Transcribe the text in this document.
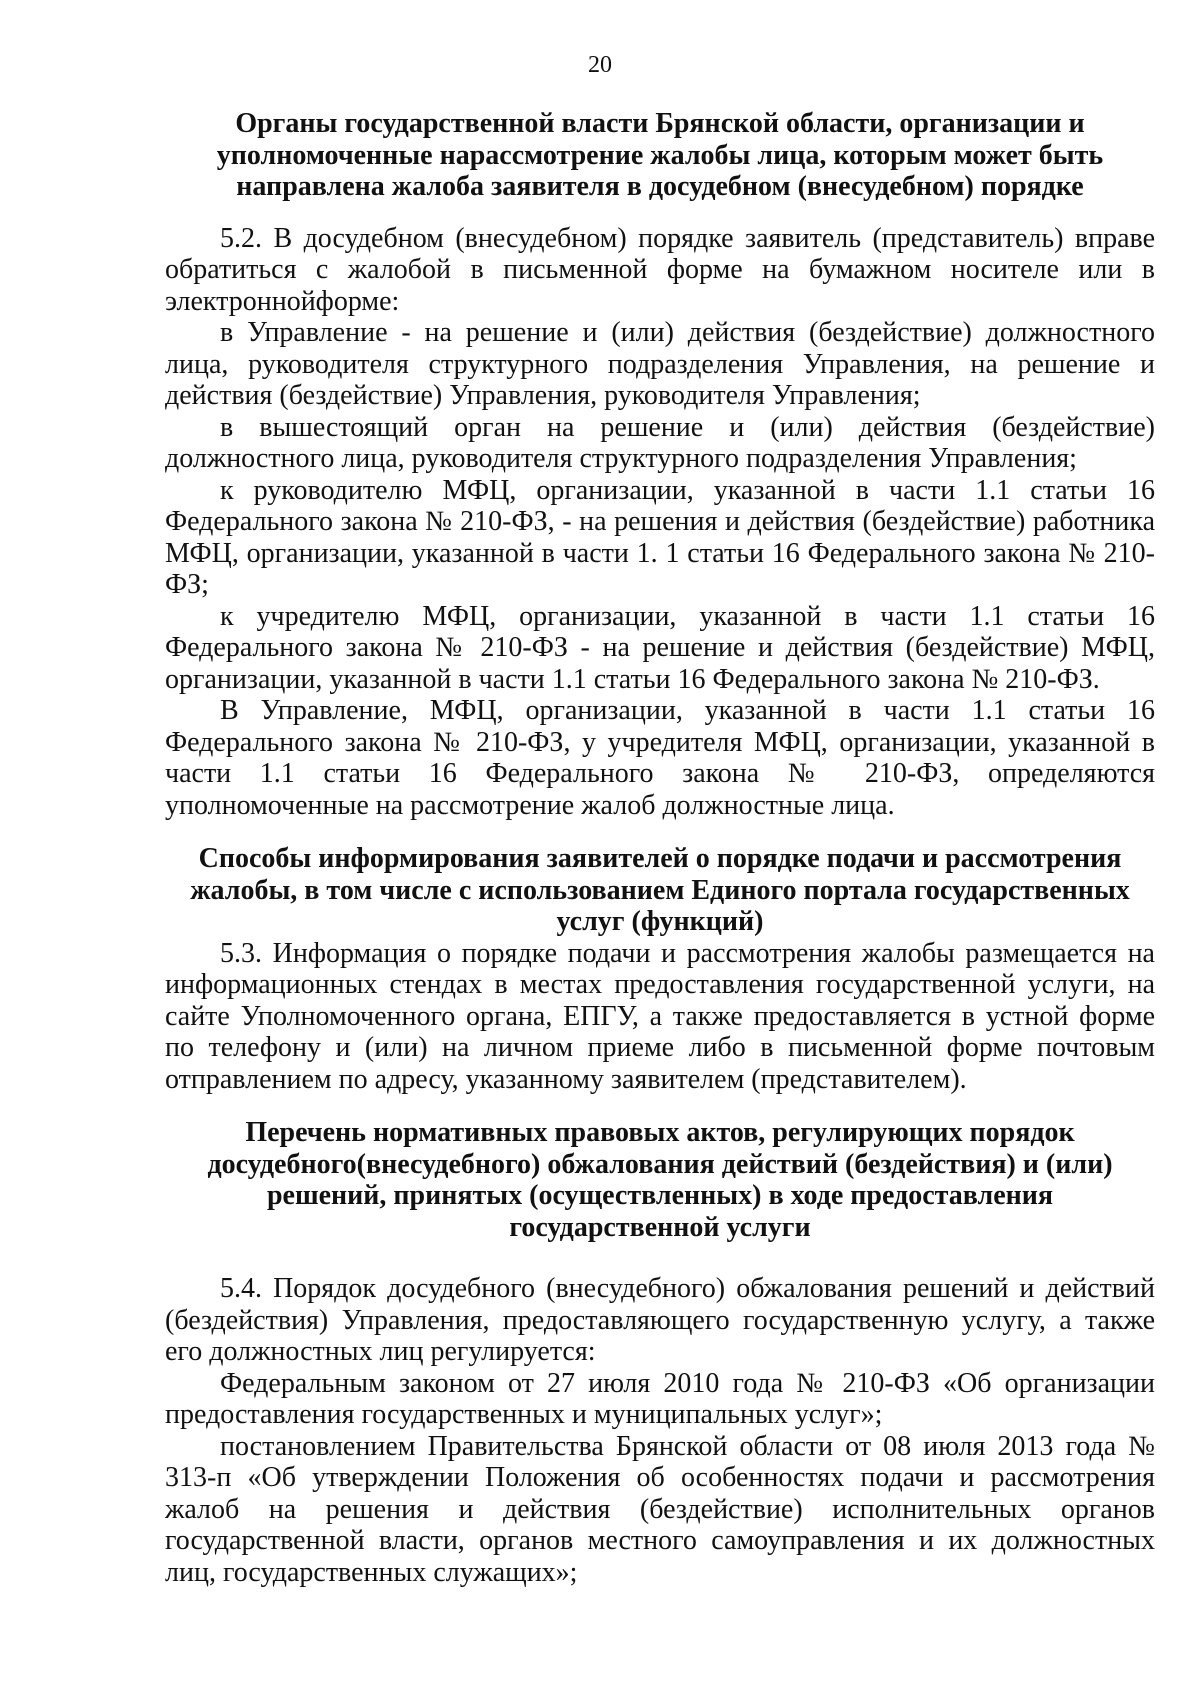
20

Органы государственной власти Брянской области, организации и уполномоченные нарассмотрение жалобы лица, которым может быть направлена жалоба заявителя в досудебном (внесудебном) порядке

5.2. В досудебном (внесудебном) порядке заявитель (представитель) вправе обратиться с жалобой в письменной форме на бумажном носителе или в электроннойформе:

в Управление - на решение и (или) действия (бездействие) должностного лица, руководителя структурного подразделения Управления, на решение и действия (бездействие) Управления, руководителя Управления;

в вышестоящий орган на решение и (или) действия (бездействие) должностного лица, руководителя структурного подразделения Управления;

к руководителю МФЦ, организации, указанной в части 1.1 статьи 16 Федерального закона № 210-ФЗ, - на решения и действия (бездействие) работника МФЦ, организации, указанной в части 1. 1 статьи 16 Федерального закона № 210-ФЗ;

к учредителю МФЦ, организации, указанной в части 1.1 статьи 16 Федерального закона № 210-ФЗ - на решение и действия (бездействие) МФЦ, организации, указанной в части 1.1 статьи 16 Федерального закона № 210-ФЗ.

В Управление, МФЦ, организации, указанной в части 1.1 статьи 16 Федерального закона № 210-ФЗ, у учредителя МФЦ, организации, указанной в части 1.1 статьи 16 Федерального закона № 210-ФЗ, определяются уполномоченные на рассмотрение жалоб должностные лица.

Способы информирования заявителей о порядке подачи и рассмотрения жалобы, в том числе с использованием Единого портала государственных услуг (функций)

5.3. Информация о порядке подачи и рассмотрения жалобы размещается на информационных стендах в местах предоставления государственной услуги, на сайте Уполномоченного органа, ЕПГУ, а также предоставляется в устной форме по телефону и (или) на личном приеме либо в письменной форме почтовым отправлением по адресу, указанному заявителем (представителем).

Перечень нормативных правовых актов, регулирующих порядок досудебного(внесудебного) обжалования действий (бездействия) и (или) решений, принятых (осуществленных) в ходе предоставления государственной услуги

5.4. Порядок досудебного (внесудебного) обжалования решений и действий (бездействия) Управления, предоставляющего государственную услугу, а также его должностных лиц регулируется:

Федеральным законом от 27 июля 2010 года № 210-ФЗ «Об организации предоставления государственных и муниципальных услуг»;

постановлением Правительства Брянской области от 08 июля 2013 года № 313-п «Об утверждении Положения об особенностях подачи и рассмотрения жалоб на решения и действия (бездействие) исполнительных органов государственной власти, органов местного самоуправления и их должностных лиц, государственных служащих»;
